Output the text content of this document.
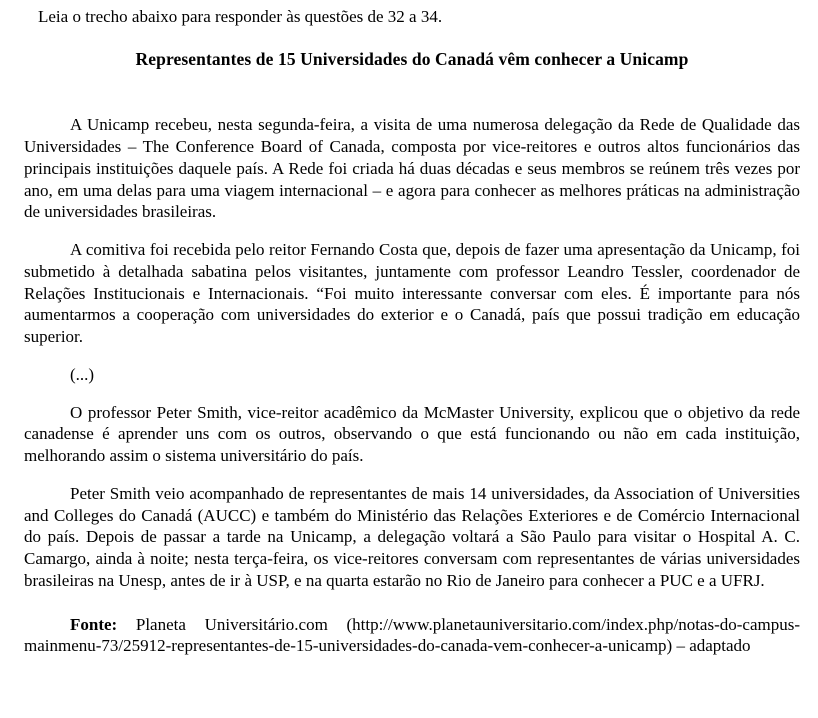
Leia o trecho abaixo para responder às questões de 32 a 34.
Representantes de 15 Universidades do Canadá vêm conhecer a Unicamp

A Unicamp recebeu, nesta segunda-feira, a visita de uma numerosa delegação da Rede de Qualidade das Universidades – The Conference Board of Canada, composta por vice-reitores e outros altos funcionários das principais instituições daquele país. A Rede foi criada há duas décadas e seus membros se reúnem três vezes por ano, em uma delas para uma viagem internacional – e agora para conhecer as melhores práticas na administração de universidades brasileiras.

A comitiva foi recebida pelo reitor Fernando Costa que, depois de fazer uma apresentação da Unicamp, foi submetido à detalhada sabatina pelos visitantes, juntamente com professor Leandro Tessler, coordenador de Relações Institucionais e Internacionais. “Foi muito interessante conversar com eles. É importante para nós aumentarmos a cooperação com universidades do exterior e o Canadá, país que possui tradição em educação superior.

(...)

O professor Peter Smith, vice-reitor acadêmico da McMaster University, explicou que o objetivo da rede canadense é aprender uns com os outros, observando o que está funcionando ou não em cada instituição, melhorando assim o sistema universitário do país.

Peter Smith veio acompanhado de representantes de mais 14 universidades, da Association of Universities and Colleges do Canadá (AUCC) e também do Ministério das Relações Exteriores e de Comércio Internacional do país. Depois de passar a tarde na Unicamp, a delegação voltará a São Paulo para visitar o Hospital A. C. Camargo, ainda à noite; nesta terça-feira, os vice-reitores conversam com representantes de várias universidades brasileiras na Unesp, antes de ir à USP, e na quarta estarão no Rio de Janeiro para conhecer a PUC e a UFRJ.

Fonte: Planeta Universitário.com (http://www.planetauniversitario.com/index.php/notas-do-campus-mainmenu-73/25912-representantes-de-15-universidades-do-canada-vem-conhecer-a-unicamp) – adaptado
